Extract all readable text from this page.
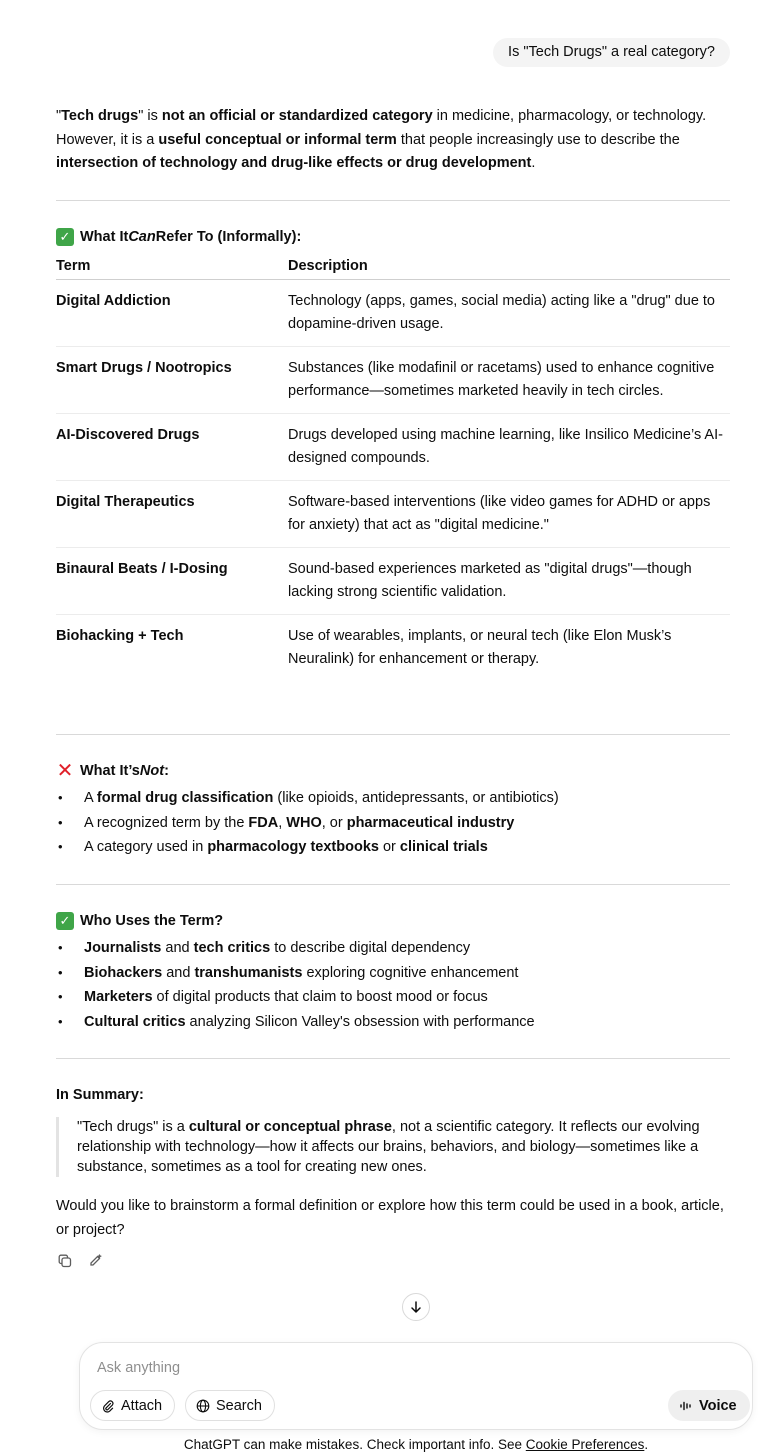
Is "Tech Drugs" a real category?
"Tech drugs" is not an official or standardized category in medicine, pharmacology, or technology. However, it is a useful conceptual or informal term that people increasingly use to describe the intersection of technology and drug-like effects or drug development.
✓ What It Can Refer To (Informally):
Term	Description
Digital Addiction	Technology (apps, games, social media) acting like a "drug" due to dopamine-driven usage.
Smart Drugs / Nootropics	Substances (like modafinil or racetams) used to enhance cognitive performance—sometimes marketed heavily in tech circles.
AI-Discovered Drugs	Drugs developed using machine learning, like Insilico Medicine’s AI-designed compounds.
Digital Therapeutics	Software-based interventions (like video games for ADHD or apps for anxiety) that act as "digital medicine."
Binaural Beats / I-Dosing	Sound-based experiences marketed as "digital drugs"—though lacking strong scientific validation.
Biohacking + Tech	Use of wearables, implants, or neural tech (like Elon Musk’s Neuralink) for enhancement or therapy.
✕ What It’s Not :
• A formal drug classification (like opioids, antidepressants, or antibiotics)
• A recognized term by the FDA, WHO, or pharmaceutical industry
• A category used in pharmacology textbooks or clinical trials
✓ Who Uses the Term?
• Journalists and tech critics to describe digital dependency
• Biohackers and transhumanists exploring cognitive enhancement
• Marketers of digital products that claim to boost mood or focus
• Cultural critics analyzing Silicon Valley's obsession with performance
In Summary:
"Tech drugs" is a cultural or conceptual phrase, not a scientific category. It reflects our evolving relationship with technology—how it affects our brains, behaviors, and biology—sometimes like a substance, sometimes as a tool for creating new ones.
Would you like to brainstorm a formal definition or explore how this term could be used in a book, article, or project?
Ask anything
Attach	Search	Voice
ChatGPT can make mistakes. Check important info. See Cookie Preferences.
